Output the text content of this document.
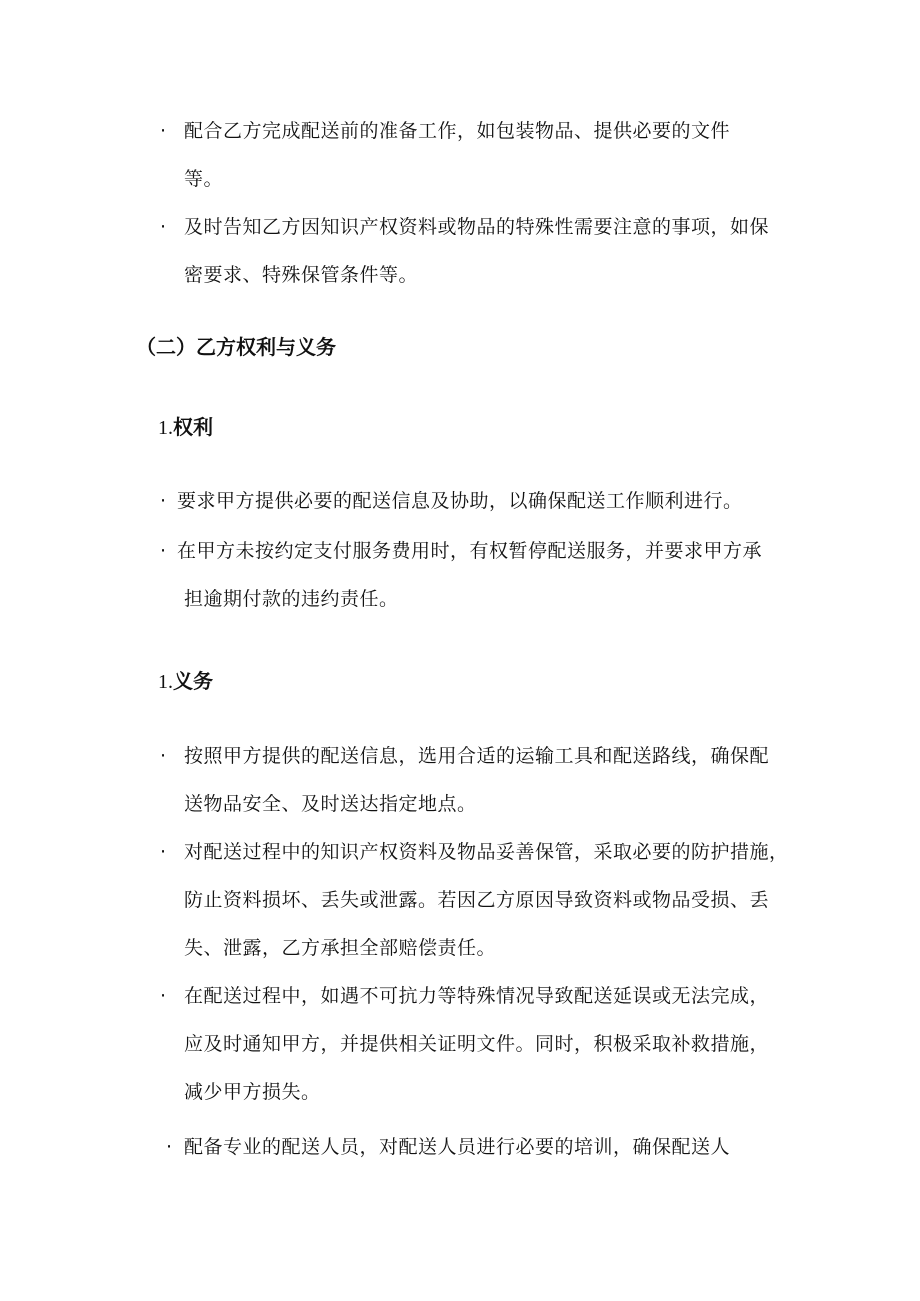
· 配合乙方完成配送前的准备工作，如包装物品、提供必要的文件
等。
· 及时告知乙方因知识产权资料或物品的特殊性需要注意的事项，如保
密要求、特殊保管条件等。
（二）乙方权利与义务
1.权利
· 要求甲方提供必要的配送信息及协助，以确保配送工作顺利进行。
· 在甲方未按约定支付服务费用时，有权暂停配送服务，并要求甲方承
担逾期付款的违约责任。
1.义务
· 按照甲方提供的配送信息，选用合适的运输工具和配送路线，确保配
送物品安全、及时送达指定地点。
· 对配送过程中的知识产权资料及物品妥善保管，采取必要的防护措施，
防止资料损坏、丢失或泄露。若因乙方原因导致资料或物品受损、丢
失、泄露，乙方承担全部赔偿责任。
· 在配送过程中，如遇不可抗力等特殊情况导致配送延误或无法完成，
应及时通知甲方，并提供相关证明文件。同时，积极采取补救措施，
减少甲方损失。
· 配备专业的配送人员，对配送人员进行必要的培训，确保配送人
